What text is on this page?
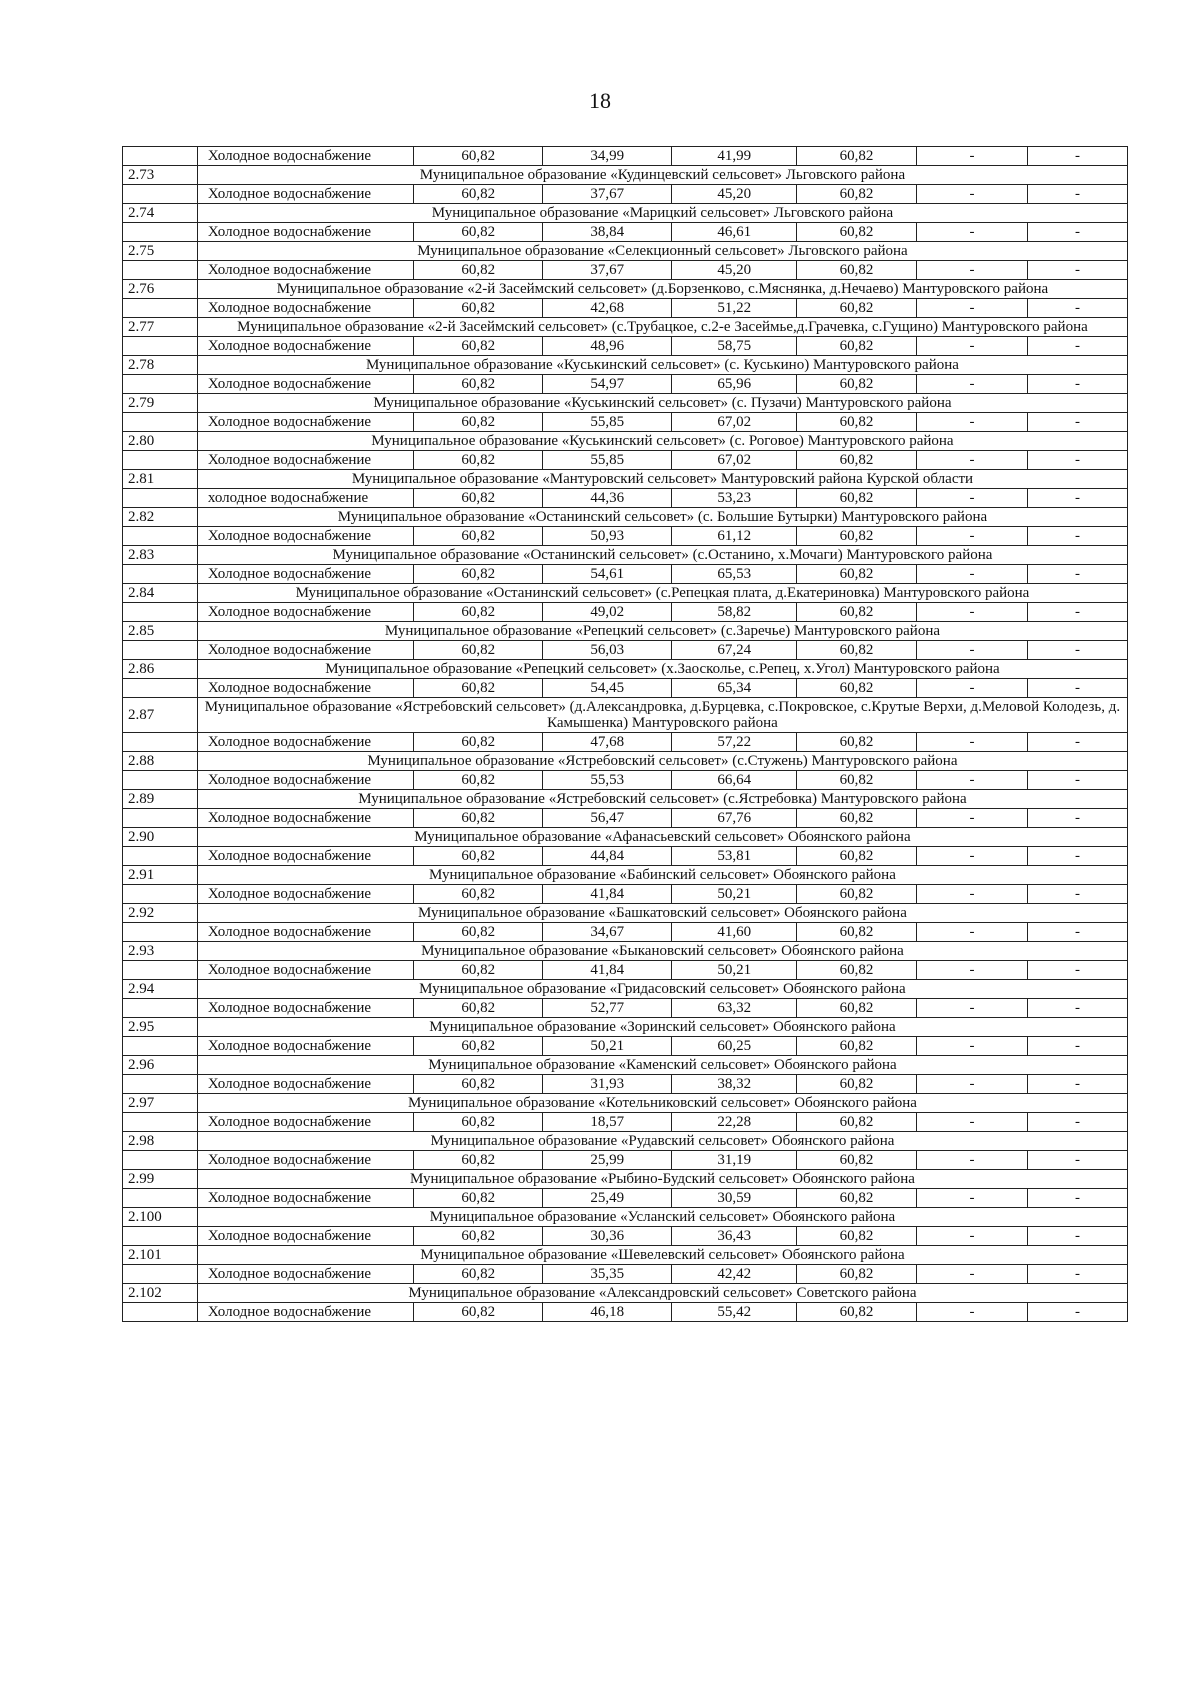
18
	Холодное водоснабжение	60,82	34,99	41,99	60,82	-	-
2.73	Муниципальное образование «Кудинцевский сельсовет» Льговского района						
	Холодное водоснабжение	60,82	37,67	45,20	60,82	-	-
2.74	Муниципальное образование «Марицкий сельсовет» Льговского района						
	Холодное водоснабжение	60,82	38,84	46,61	60,82	-	-
2.75	Муниципальное образование «Селекционный сельсовет» Льговского района						
	Холодное водоснабжение	60,82	37,67	45,20	60,82	-	-
2.76	Муниципальное образование «2-й Засеймский сельсовет» (д.Борзенково, с.Мяснянка, д.Нечаево) Мантуровского района						
	Холодное водоснабжение	60,82	42,68	51,22	60,82	-	-
2.77	Муниципальное образование «2-й Засеймский сельсовет» (с.Трубацкое, с.2-е Засеймье,д.Грачевка, с.Гущино) Мантуровского района						
	Холодное водоснабжение	60,82	48,96	58,75	60,82	-	-
2.78	Муниципальное образование «Куськинский сельсовет» (с. Куськино) Мантуровского района						
	Холодное водоснабжение	60,82	54,97	65,96	60,82	-	-
2.79	Муниципальное образование «Куськинский сельсовет» (с. Пузачи) Мантуровского района						
	Холодное водоснабжение	60,82	55,85	67,02	60,82	-	-
2.80	Муниципальное образование «Куськинский сельсовет» (с. Роговое) Мантуровского района						
	Холодное водоснабжение	60,82	55,85	67,02	60,82	-	-
2.81	Муниципальное образование «Мантуровский сельсовет» Мантуровский района Курской области						
	холодное водоснабжение	60,82	44,36	53,23	60,82	-	-
2.82	Муниципальное образование «Останинский сельсовет» (с. Большие Бутырки) Мантуровского района						
	Холодное водоснабжение	60,82	50,93	61,12	60,82	-	-
2.83	Муниципальное образование «Останинский сельсовет» (с.Останино, х.Мочаги) Мантуровского района						
	Холодное водоснабжение	60,82	54,61	65,53	60,82	-	-
2.84	Муниципальное образование «Останинский сельсовет» (с.Репецкая плата, д.Екатериновка) Мантуровского района						
	Холодное водоснабжение	60,82	49,02	58,82	60,82	-	-
2.85	Муниципальное образование «Репецкий сельсовет» (с.Заречье) Мантуровского района						
	Холодное водоснабжение	60,82	56,03	67,24	60,82	-	-
2.86	Муниципальное образование «Репецкий сельсовет» (х.Заосколье, с.Репец, х.Угол) Мантуровского района						
	Холодное водоснабжение	60,82	54,45	65,34	60,82	-	-
2.87	Муниципальное образование «Ястребовский сельсовет» (д.Александровка, д.Бурцевка, с.Покровское, с.Крутые Верхи, д.Меловой Колодезь, д. Камышенка) Мантуровского района						
	Холодное водоснабжение	60,82	47,68	57,22	60,82	-	-
2.88	Муниципальное образование «Ястребовский сельсовет» (с.Стужень) Мантуровского района						
	Холодное водоснабжение	60,82	55,53	66,64	60,82	-	-
2.89	Муниципальное образование «Ястребовский сельсовет» (с.Ястребовка) Мантуровского района						
	Холодное водоснабжение	60,82	56,47	67,76	60,82	-	-
2.90	Муниципальное образование «Афанасьевский сельсовет» Обоянского района						
	Холодное водоснабжение	60,82	44,84	53,81	60,82	-	-
2.91	Муниципальное образование «Бабинский сельсовет» Обоянского района						
	Холодное водоснабжение	60,82	41,84	50,21	60,82	-	-
2.92	Муниципальное образование «Башкатовский сельсовет» Обоянского района						
	Холодное водоснабжение	60,82	34,67	41,60	60,82	-	-
2.93	Муниципальное образование «Быкановский сельсовет» Обоянского района						
	Холодное водоснабжение	60,82	41,84	50,21	60,82	-	-
2.94	Муниципальное образование «Гридасовский сельсовет» Обоянского района						
	Холодное водоснабжение	60,82	52,77	63,32	60,82	-	-
2.95	Муниципальное образование «Зоринский сельсовет» Обоянского района						
	Холодное водоснабжение	60,82	50,21	60,25	60,82	-	-
2.96	Муниципальное образование «Каменский сельсовет» Обоянского района						
	Холодное водоснабжение	60,82	31,93	38,32	60,82	-	-
2.97	Муниципальное образование «Котельниковский сельсовет» Обоянского района						
	Холодное водоснабжение	60,82	18,57	22,28	60,82	-	-
2.98	Муниципальное образование «Рудавский сельсовет» Обоянского района						
	Холодное водоснабжение	60,82	25,99	31,19	60,82	-	-
2.99	Муниципальное образование «Рыбино-Будский сельсовет» Обоянского района						
	Холодное водоснабжение	60,82	25,49	30,59	60,82	-	-
2.100	Муниципальное образование «Усланский сельсовет» Обоянского района						
	Холодное водоснабжение	60,82	30,36	36,43	60,82	-	-
2.101	Муниципальное образование «Шевелевский сельсовет» Обоянского района						
	Холодное водоснабжение	60,82	35,35	42,42	60,82	-	-
2.102	Муниципальное образование «Александровский сельсовет» Советского района						
	Холодное водоснабжение	60,82	46,18	55,42	60,82	-	-
